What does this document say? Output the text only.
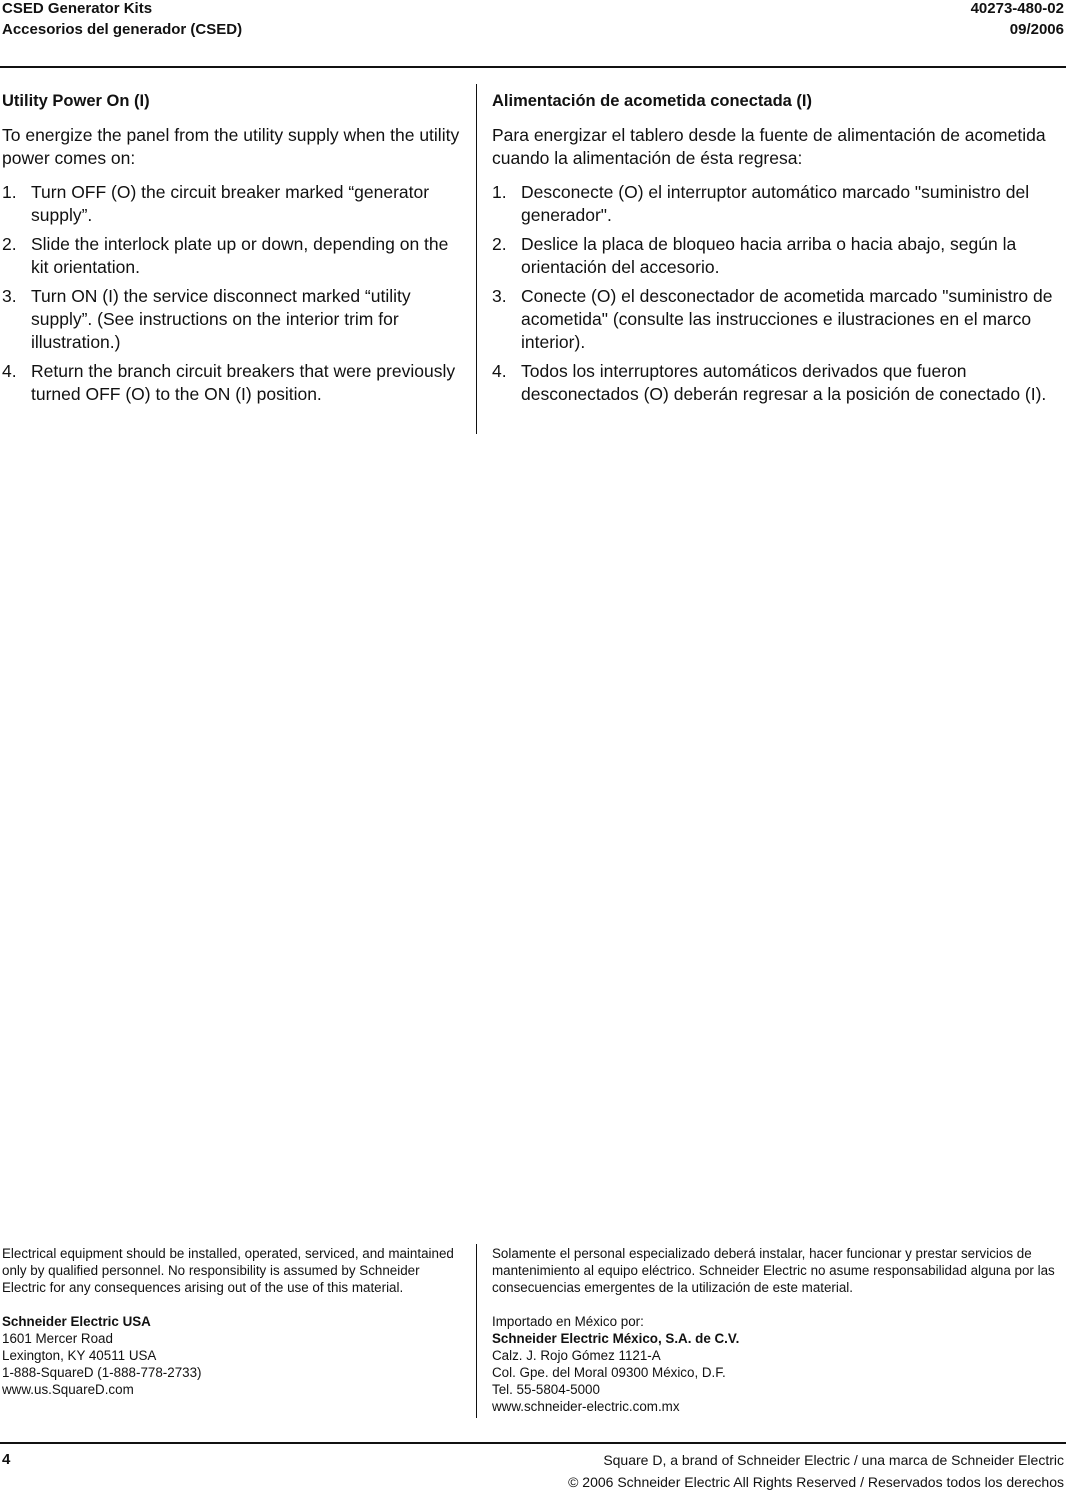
CSED Generator Kits
Accesorios del generador (CSED)
40273-480-02
09/2006
Utility Power On (I)

To energize the panel from the utility supply when the utility power comes on:

1. Turn OFF (O) the circuit breaker marked “generator supply”.
2. Slide the interlock plate up or down, depending on the kit orientation.
3. Turn ON (I) the service disconnect marked “utility supply”. (See instructions on the interior trim for illustration.)
4. Return the branch circuit breakers that were previously turned OFF (O) to the ON (I) position.
Alimentación de acometida conectada (I)

Para energizar el tablero desde la fuente de alimentación de acometida cuando la alimentación de ésta regresa:

1. Desconecte (O) el interruptor automático marcado "suministro del generador".
2. Deslice la placa de bloqueo hacia arriba o hacia abajo, según la orientación del accesorio.
3. Conecte (O) el desconectador de acometida marcado "suministro de acometida" (consulte las instrucciones e ilustraciones en el marco interior).
4. Todos los interruptores automáticos derivados que fueron desconectados (O) deberán regresar a la posición de conectado (I).

Electrical equipment should be installed, operated, serviced, and maintained only by qualified personnel. No responsibility is assumed by Schneider Electric for any consequences arising out of the use of this material.

Schneider Electric USA

1601 Mercer Road

Lexington, KY 40511 USA

1-888-SquareD (1-888-778-2733)

www.us.SquareD.com

Solamente el personal especializado deberá instalar, hacer funcionar y prestar servicios de mantenimiento al equipo eléctrico. Schneider Electric no asume responsabilidad alguna por las consecuencias emergentes de la utilización de este material.

Importado en México por:

Schneider Electric México, S.A. de C.V.

Calz. J. Rojo Gómez 1121-A

Col. Gpe. del Moral 09300 México, D.F.

Tel. 55-5804-5000

www.schneider-electric.com.mx

4	Square D, a brand of Schneider Electric / una marca de Schneider Electric
© 2006 Schneider Electric All Rights Reserved / Reservados todos los derechos
